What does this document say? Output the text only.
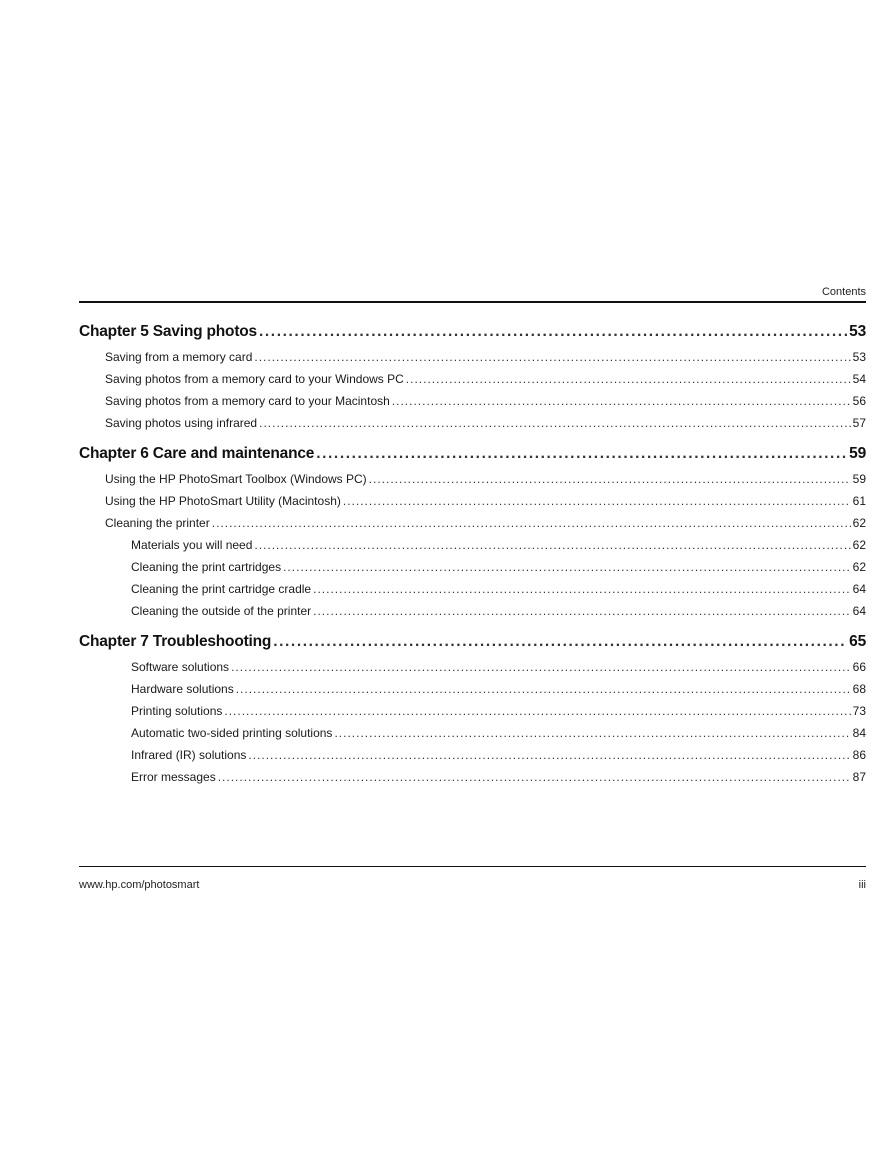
Contents
Chapter 5 Saving photos .....	53
Saving from a memory card .....	53
Saving photos from a memory card to your Windows PC .....	54
Saving photos from a memory card to your Macintosh .....	56
Saving photos using infrared .....	57
Chapter 6 Care and maintenance .....	59
Using the HP PhotoSmart Toolbox (Windows PC) .....	59
Using the HP PhotoSmart Utility (Macintosh) .....	61
Cleaning the printer .....	62
Materials you will need .....	62
Cleaning the print cartridges .....	62
Cleaning the print cartridge cradle .....	64
Cleaning the outside of the printer .....	64
Chapter 7 Troubleshooting .....	65
Software solutions .....	66
Hardware solutions .....	68
Printing solutions .....	73
Automatic two-sided printing solutions .....	84
Infrared (IR) solutions .....	86
Error messages .....	87
www.hp.com/photosmart	iii
